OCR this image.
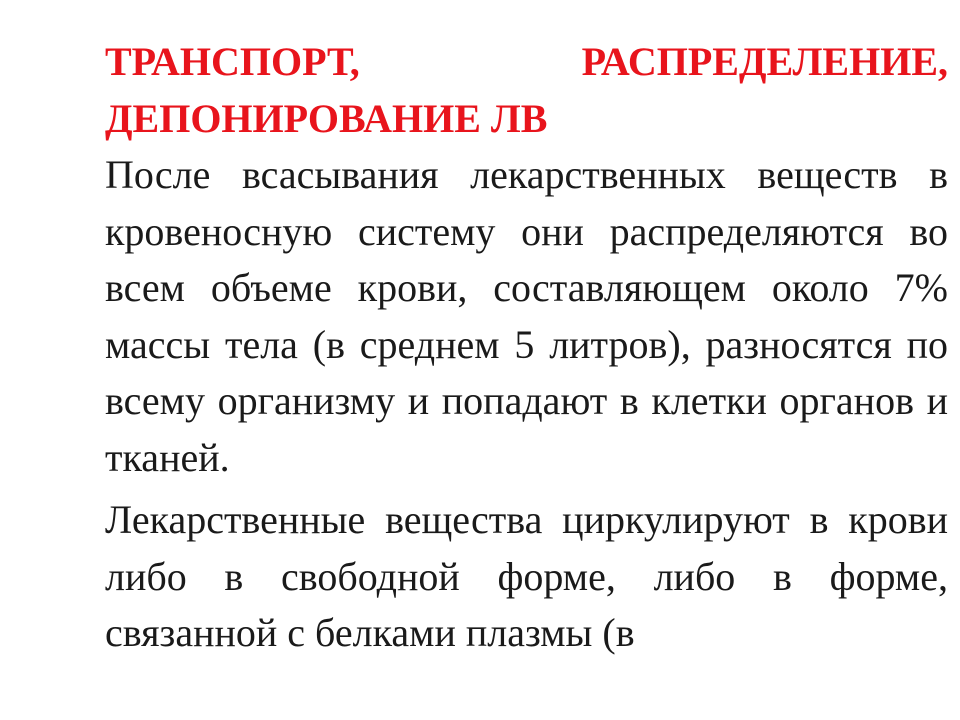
ТРАНСПОРТ, РАСПРЕДЕЛЕНИЕ, ДЕПОНИРОВАНИЕ ЛВ

После всасывания лекарственных веществ в кровеносную систему они распределяются во всем объеме крови, составляющем около 7% массы тела (в среднем 5 литров), разносятся по всему организму и попадают в клетки органов и тканей.

Лекарственные вещества циркулируют в крови либо в свободной форме, либо в форме, связанной с белками плазмы (в
